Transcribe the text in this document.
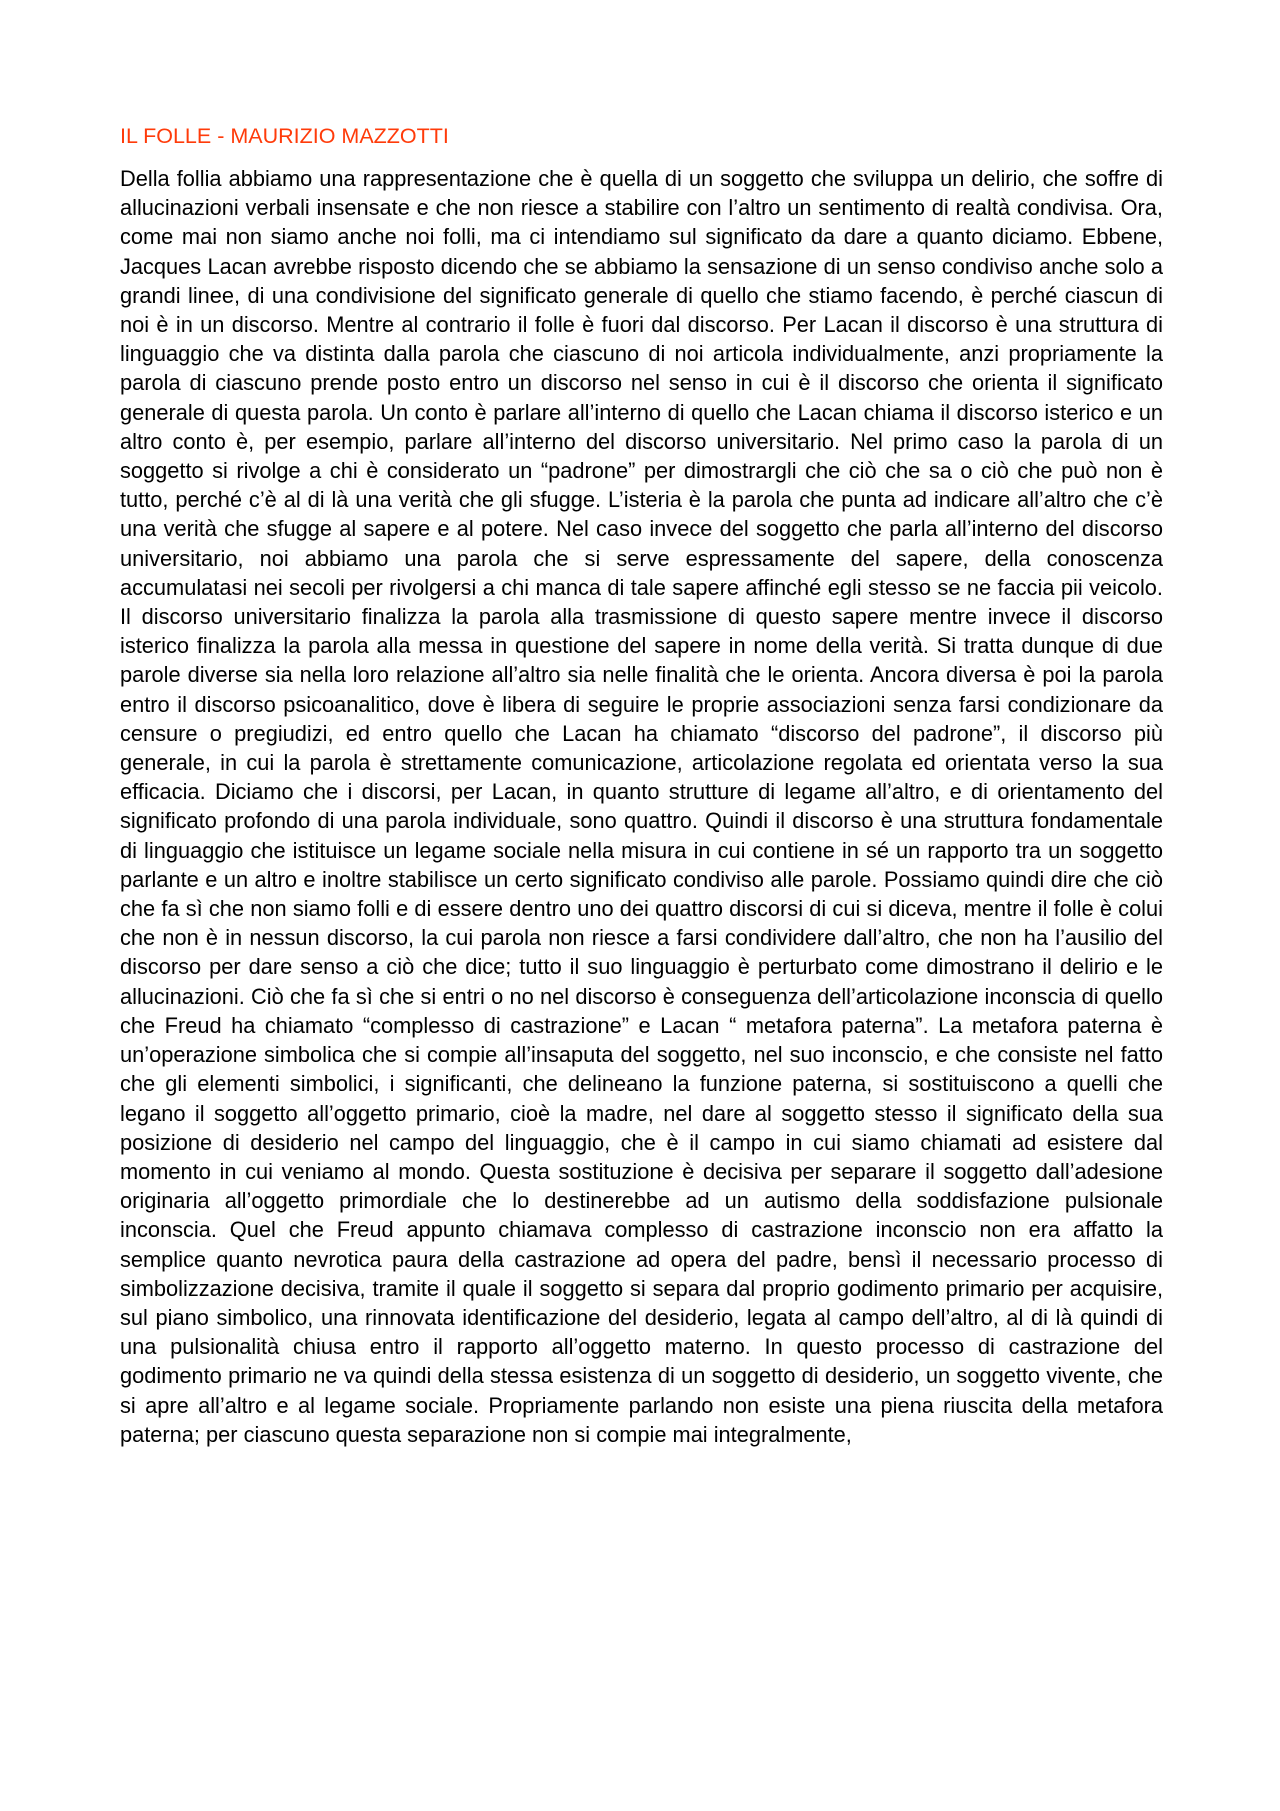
IL FOLLE - MAURIZIO MAZZOTTI

Della follia abbiamo una rappresentazione che è quella di un soggetto che sviluppa un delirio, che soffre di allucinazioni verbali insensate e che non riesce a stabilire con l’altro un sentimento di realtà condivisa. Ora, come mai non siamo anche noi folli, ma ci intendiamo sul significato da dare a quanto diciamo. Ebbene, Jacques Lacan avrebbe risposto dicendo che se abbiamo la sensazione di un senso condiviso anche solo a grandi linee, di una condivisione del significato generale di quello che stiamo facendo, è perché ciascun di noi è in un discorso. Mentre al contrario il folle è fuori dal discorso. Per Lacan il discorso è una struttura di linguaggio che va distinta dalla parola che ciascuno di noi articola individualmente, anzi propriamente la parola di ciascuno prende posto entro un discorso nel senso in cui è il discorso che orienta il significato generale di questa parola. Un conto è parlare all’interno di quello che Lacan chiama il discorso isterico e un altro conto è, per esempio, parlare all’interno del discorso universitario. Nel primo caso la parola di un soggetto si rivolge a chi è considerato un “padrone” per dimostrargli che ciò che sa o ciò che può non è tutto, perché c’è al di là una verità che gli sfugge. L’isteria è la parola che punta ad indicare all’altro che c’è una verità che sfugge al sapere e al potere. Nel caso invece del soggetto che parla all’interno del discorso universitario, noi abbiamo una parola che si serve espressamente del sapere, della conoscenza accumulatasi nei secoli per rivolgersi a chi manca di tale sapere affinché egli stesso se ne faccia pii veicolo. Il discorso universitario finalizza la parola alla trasmissione di questo sapere mentre invece il discorso isterico finalizza la parola alla messa in questione del sapere in nome della verità. Si tratta dunque di due parole diverse sia nella loro relazione all’altro sia nelle finalità che le orienta. Ancora diversa è poi la parola entro il discorso psicoanalitico, dove è libera di seguire le proprie associazioni senza farsi condizionare da censure o pregiudizi, ed entro quello che Lacan ha chiamato “discorso del padrone”, il discorso più generale, in cui la parola è strettamente comunicazione, articolazione regolata ed orientata verso la sua efficacia. Diciamo che i discorsi, per Lacan, in quanto strutture di legame all’altro, e di orientamento del significato profondo di una parola individuale, sono quattro. Quindi il discorso è una struttura fondamentale di linguaggio che istituisce un legame sociale nella misura in cui contiene in sé un rapporto tra un soggetto parlante e un altro e inoltre stabilisce un certo significato condiviso alle parole. Possiamo quindi dire che ciò che fa sì che non siamo folli e di essere dentro uno dei quattro discorsi di cui si diceva, mentre il folle è colui che non è in nessun discorso, la cui parola non riesce a farsi condividere dall’altro, che non ha l’ausilio del discorso per dare senso a ciò che dice; tutto il suo linguaggio è perturbato come dimostrano il delirio e le allucinazioni. Ciò che fa sì che si entri o no nel discorso è conseguenza dell’articolazione inconscia di quello che Freud ha chiamato “complesso di castrazione” e Lacan “ metafora paterna”. La metafora paterna è un’operazione simbolica che si compie all’insaputa del soggetto, nel suo inconscio, e che consiste nel fatto che gli elementi simbolici, i significanti, che delineano la funzione paterna, si sostituiscono a quelli che legano il soggetto all’oggetto primario, cioè la madre, nel dare al soggetto stesso il significato della sua posizione di desiderio nel campo del linguaggio, che è il campo in cui siamo chiamati ad esistere dal momento in cui veniamo al mondo. Questa sostituzione è decisiva per separare il soggetto dall’adesione originaria all’oggetto primordiale che lo destinerebbe ad un autismo della soddisfazione pulsionale inconscia. Quel che Freud appunto chiamava complesso di castrazione inconscio non era affatto la semplice quanto nevrotica paura della castrazione ad opera del padre, bensì il necessario processo di simbolizzazione decisiva, tramite il quale il soggetto si separa dal proprio godimento primario per acquisire, sul piano simbolico, una rinnovata identificazione del desiderio, legata al campo dell’altro, al di là quindi di una pulsionalità chiusa entro il rapporto all’oggetto materno. In questo processo di castrazione del godimento primario ne va quindi della stessa esistenza di un soggetto di desiderio, un soggetto vivente, che si apre all’altro e al legame sociale. Propriamente parlando non esiste una piena riuscita della metafora paterna; per ciascuno questa separazione non si compie mai integralmente,
